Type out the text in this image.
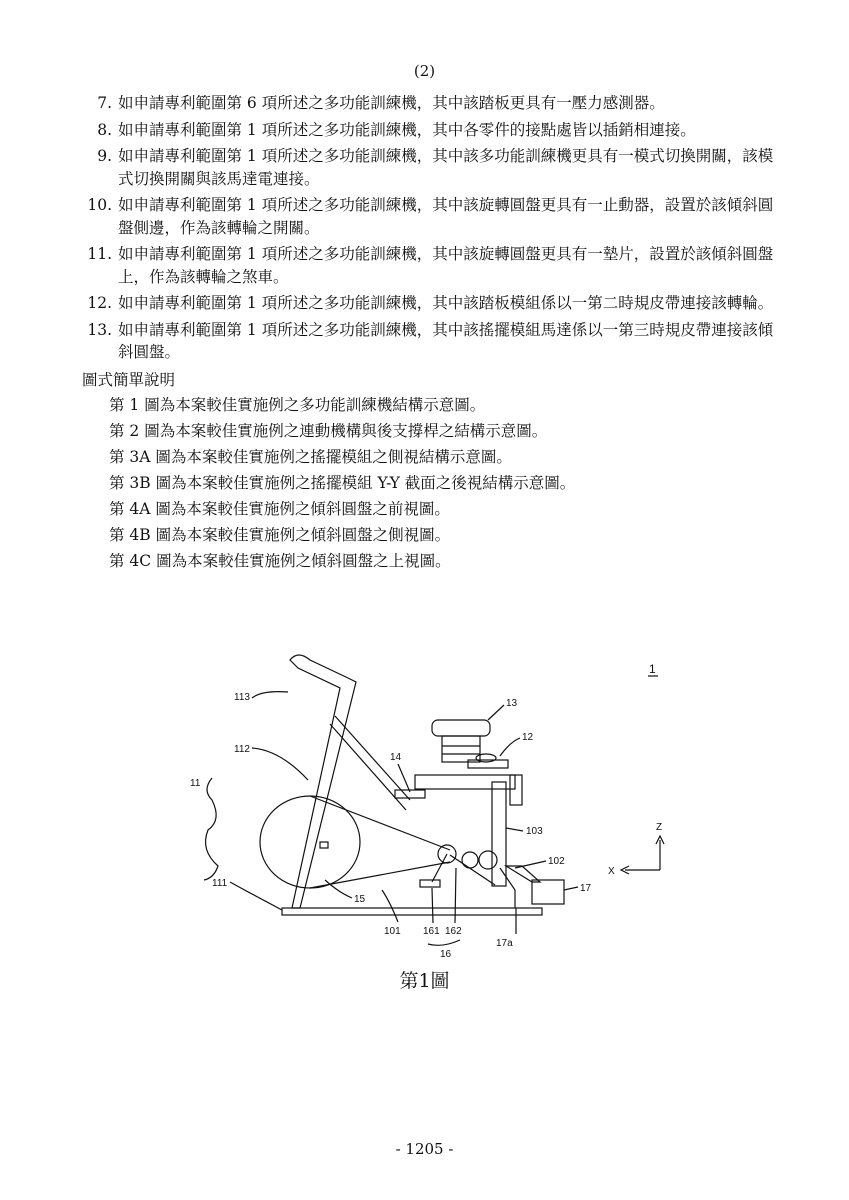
(2)
7. 如申請專利範圍第 6 項所述之多功能訓練機，其中該踏板更具有一壓力感測器。
8. 如申請專利範圍第 1 項所述之多功能訓練機，其中各零件的接點處皆以插銷相連接。
9. 如申請專利範圍第 1 項所述之多功能訓練機，其中該多功能訓練機更具有一模式切換開關，該模式切換開關與該馬達電連接。
10. 如申請專利範圍第 1 項所述之多功能訓練機，其中該旋轉圓盤更具有一止動器，設置於該傾斜圓盤側邊，作為該轉輪之開關。
11. 如申請專利範圍第 1 項所述之多功能訓練機，其中該旋轉圓盤更具有一墊片，設置於該傾斜圓盤上，作為該轉輪之煞車。
12. 如申請專利範圍第 1 項所述之多功能訓練機，其中該踏板模組係以一第二時規皮帶連接該轉輪。
13. 如申請專利範圍第 1 項所述之多功能訓練機，其中該搖擺模組馬達係以一第三時規皮帶連接該傾斜圓盤。
圖式簡單說明
第 1 圖為本案較佳實施例之多功能訓練機結構示意圖。
第 2 圖為本案較佳實施例之連動機構與後支撐桿之結構示意圖。
第 3A 圖為本案較佳實施例之搖擺模組之側視結構示意圖。
第 3B 圖為本案較佳實施例之搖擺模組 Y-Y 截面之後視結構示意圖。
第 4A 圖為本案較佳實施例之傾斜圓盤之前視圖。
第 4B 圖為本案較佳實施例之傾斜圓盤之側視圖。
第 4C 圖為本案較佳實施例之傾斜圓盤之上視圖。
113
112
11
111
15
101 161 162
16
17a
17
102
103
14
13
12
Z
X
1
第1圖
- 1205 -
